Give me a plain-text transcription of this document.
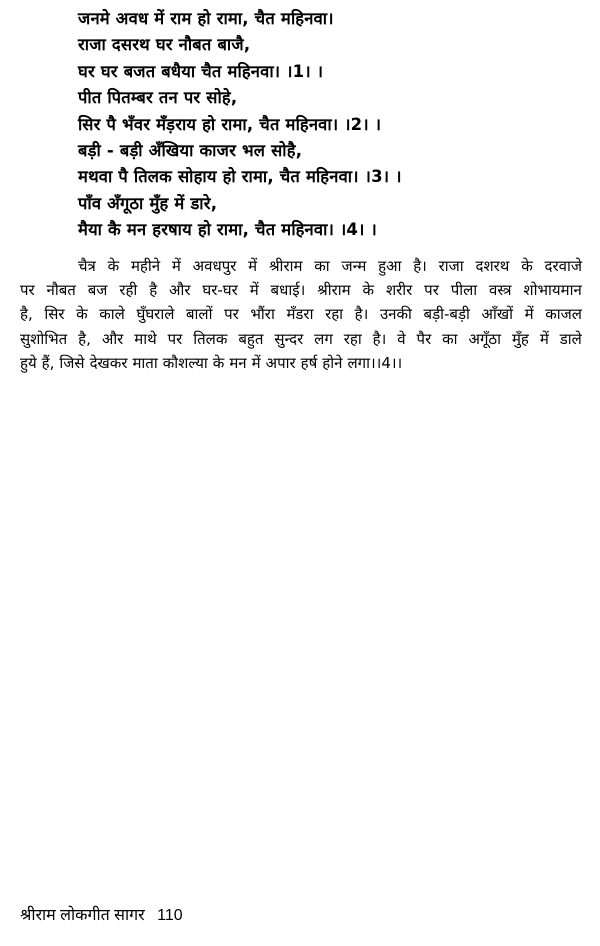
जनमे अवध में राम हो रामा, चैत महिनवा।
राजा दसरथ घर नौबत बाजै,
घर घर बजत बधैया चैत महिनवा। ।1। ।
पीत पितम्बर तन पर सोहे,
सिर पै भँवर मँड़राय हो रामा, चैत महिनवा। ।2। ।
बड़ी - बड़ी अँखिया काजर भल सोहै,
मथवा पै तिलक सोहाय हो रामा, चैत महिनवा। ।3। ।
पाँव अँगूठा मुँह में डारे,
मैया कै मन हरषाय हो रामा, चैत महिनवा। ।4। ।
चैत्र के महीने में अवधपुर में श्रीराम का जन्म हुआ है। राजा दशरथ के दरवाजे
पर नौबत बज रही है और घर-घर में बधाई। श्रीराम के शरीर पर पीला वस्त्र शोभायमान
है, सिर के काले घुँघराले बालों पर भौंरा मँडरा रहा है। उनकी बड़ी-बड़ी आँखों में काजल
सुशोभित है, और माथे पर तिलक बहुत सुन्दर लग रहा है। वे पैर का अगूँठा मुँह में डाले
हुये हैं, जिसे देखकर माता कौशल्या के मन में अपार हर्ष होने लगा।।4।।
श्रीराम लोकगीत सागर 110
